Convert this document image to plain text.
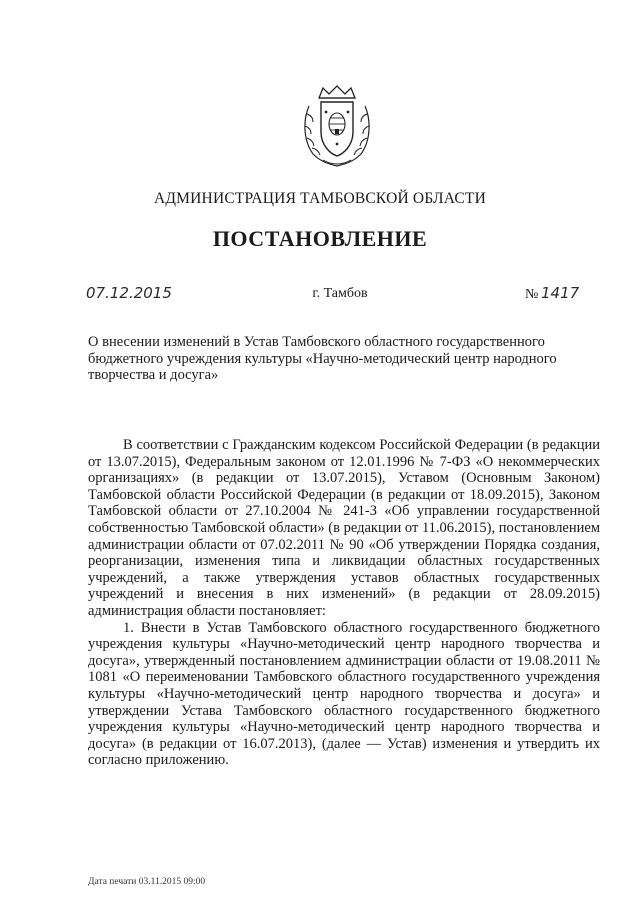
АДМИНИСТРАЦИЯ ТАМБОВСКОЙ ОБЛАСТИ
ПОСТАНОВЛЕНИЕ
07.12.2015	г. Тамбов	№ 1417
О внесении изменений в Устав Тамбовского областного государственного бюджетного учреждения культуры «Научно-методический центр народного творчества и досуга»

В соответствии с Гражданским кодексом Российской Федерации (в редакции от 13.07.2015), Федеральным законом от 12.01.1996 № 7-ФЗ «О некоммерческих организациях» (в редакции от 13.07.2015), Уставом (Основным Законом) Тамбовской области Российской Федерации (в редакции от 18.09.2015), Законом Тамбовской области от 27.10.2004 № 241-З «Об управлении государственной собственностью Тамбовской области» (в редакции от 11.06.2015), постановлением администрации области от 07.02.2011 № 90 «Об утверждении Порядка создания, реорганизации, изменения типа и ликвидации областных государственных учреждений, а также утверждения уставов областных государственных учреждений и внесения в них изменений» (в редакции от 28.09.2015) администрация области постановляет:

1. Внести в Устав Тамбовского областного государственного бюджетного учреждения культуры «Научно-методический центр народного творчества и досуга», утвержденный постановлением администрации области от 19.08.2011 № 1081 «О переименовании Тамбовского областного государственного учреждения культуры «Научно-методический центр народного творчества и досуга» и утверждении Устава Тамбовского областного государственного бюджетного учреждения культуры «Научно-методический центр народного творчества и досуга» (в редакции от 16.07.2013), (далее — Устав) изменения и утвердить их согласно приложению.

Дата печати 03.11.2015 09:00
